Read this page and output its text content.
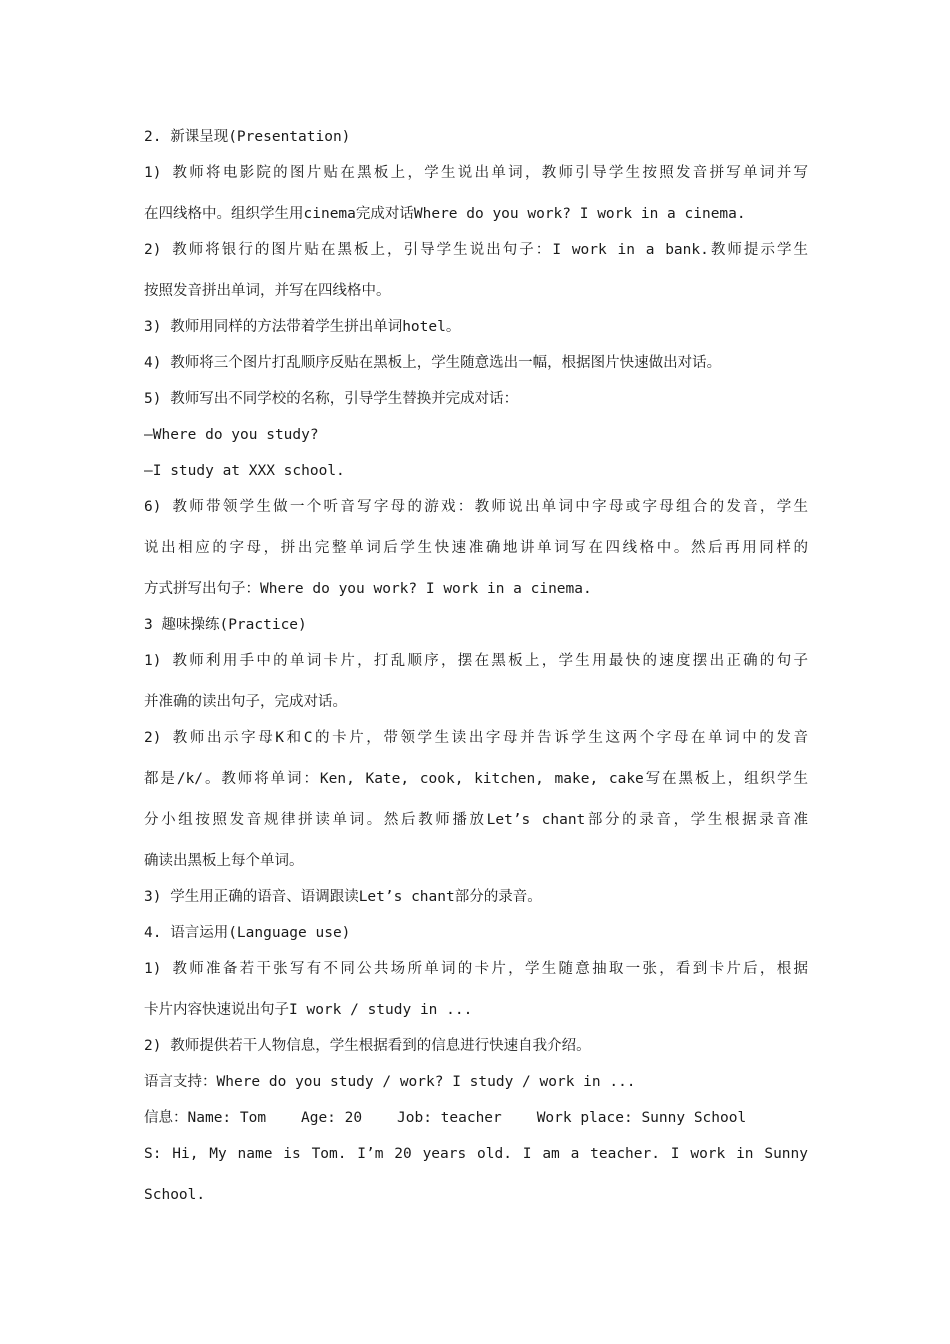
2. 新课呈现(Presentation)
1) 教师将电影院的图片贴在黑板上，学生说出单词，教师引导学生按照发音拼写单词并写
在四线格中。组织学生用cinema完成对话Where do you work? I work in a cinema.
2) 教师将银行的图片贴在黑板上，引导学生说出句子：I work in a bank.教师提示学生
按照发音拼出单词，并写在四线格中。
3) 教师用同样的方法带着学生拼出单词hotel。
4) 教师将三个图片打乱顺序反贴在黑板上，学生随意选出一幅，根据图片快速做出对话。
5) 教师写出不同学校的名称，引导学生替换并完成对话：
—Where do you study?
—I study at XXX school.
6) 教师带领学生做一个听音写字母的游戏：教师说出单词中字母或字母组合的发音，学生
说出相应的字母，拼出完整单词后学生快速准确地讲单词写在四线格中。然后再用同样的
方式拼写出句子：Where do you work? I work in a cinema.
3 趣味操练(Practice)
1) 教师利用手中的单词卡片，打乱顺序，摆在黑板上，学生用最快的速度摆出正确的句子
并准确的读出句子，完成对话。
2) 教师出示字母K和C的卡片，带领学生读出字母并告诉学生这两个字母在单词中的发音
都是/k/。教师将单词：Ken, Kate, cook, kitchen, make, cake写在黑板上，组织学生
分小组按照发音规律拼读单词。然后教师播放Let’s chant部分的录音，学生根据录音准
确读出黑板上每个单词。
3) 学生用正确的语音、语调跟读Let’s chant部分的录音。
4. 语言运用(Language use)
1) 教师准备若干张写有不同公共场所单词的卡片，学生随意抽取一张，看到卡片后，根据
卡片内容快速说出句子I work / study in ...
2) 教师提供若干人物信息，学生根据看到的信息进行快速自我介绍。
语言支持：Where do you study / work? I study / work in ...
信息：Name: Tom    Age: 20    Job: teacher    Work place: Sunny School
S: Hi, My name is Tom. I’m 20 years old. I am a teacher. I work in Sunny
School.
